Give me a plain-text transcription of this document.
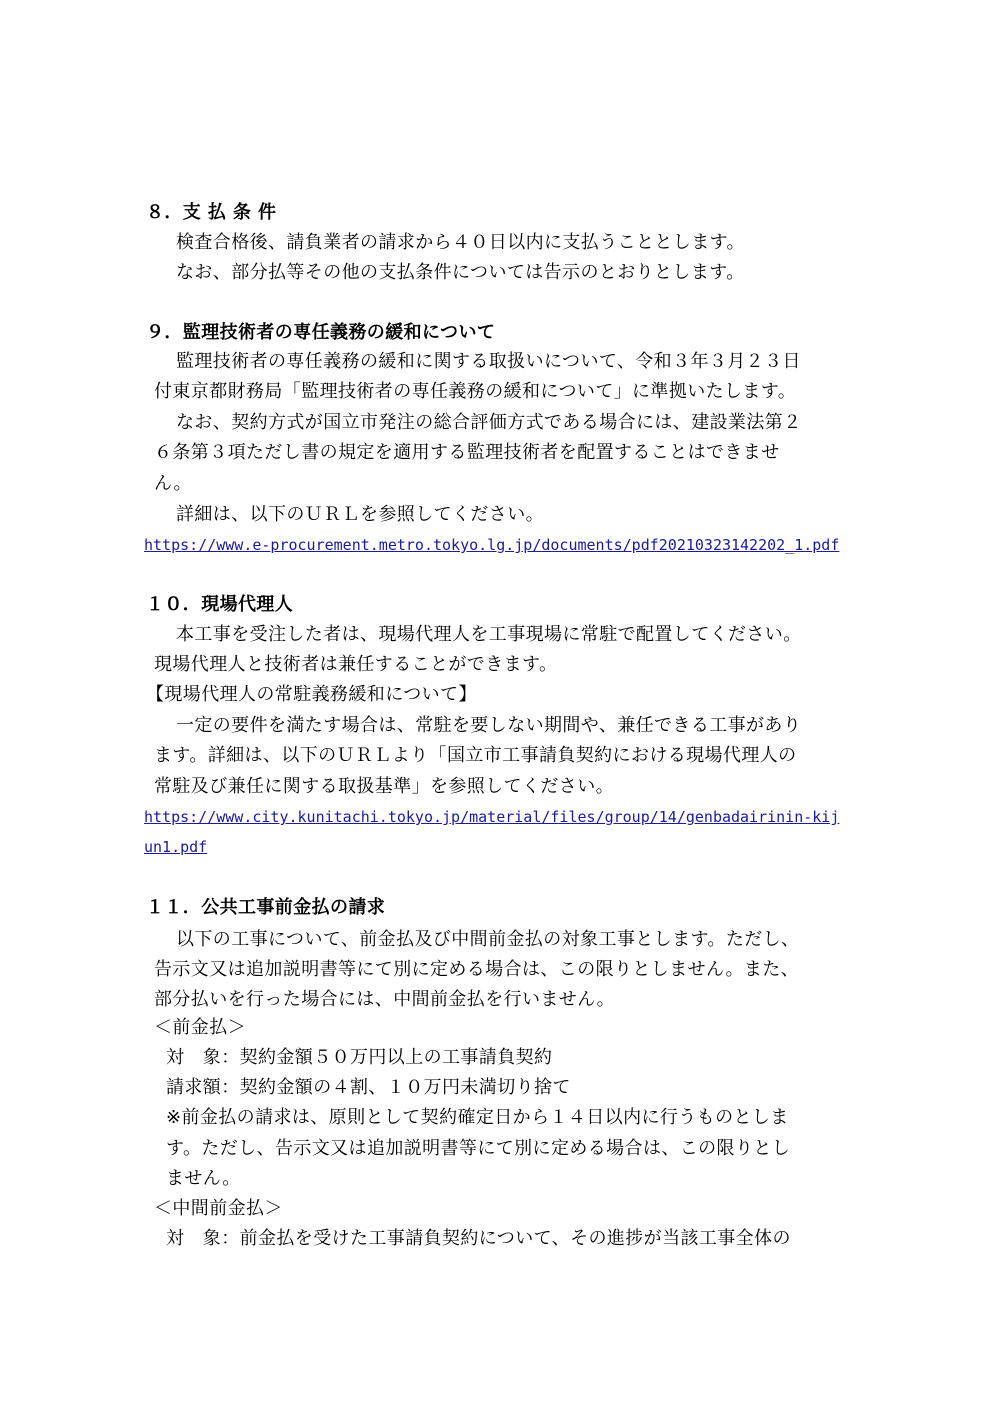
８．支 払 条 件
検査合格後、請負業者の請求から４０日以内に支払うこととします。
なお、部分払等その他の支払条件については告示のとおりとします。
９．監理技術者の専任義務の緩和について
監理技術者の専任義務の緩和に関する取扱いについて、令和３年３月２３日
付東京都財務局「監理技術者の専任義務の緩和について」に準拠いたします。
なお、契約方式が国立市発注の総合評価方式である場合には、建設業法第２
６条第３項ただし書の規定を適用する監理技術者を配置することはできませ
ん。
詳細は、以下のＵＲＬを参照してください。
https://www.e-procurement.metro.tokyo.lg.jp/documents/pdf20210323142202_1.pdf
１０．現場代理人
本工事を受注した者は、現場代理人を工事現場に常駐で配置してください。
現場代理人と技術者は兼任することができます。
【現場代理人の常駐義務緩和について】
一定の要件を満たす場合は、常駐を要しない期間や、兼任できる工事があり
ます。詳細は、以下のＵＲＬより「国立市工事請負契約における現場代理人の
常駐及び兼任に関する取扱基準」を参照してください。
https://www.city.kunitachi.tokyo.jp/material/files/group/14/genbadairinin-kij
un1.pdf
１１．公共工事前金払の請求
以下の工事について、前金払及び中間前金払の対象工事とします。ただし、
告示文又は追加説明書等にて別に定める場合は、この限りとしません。また、
部分払いを行った場合には、中間前金払を行いません。
＜前金払＞
対　象：契約金額５０万円以上の工事請負契約
請求額：契約金額の４割、１０万円未満切り捨て
※前金払の請求は、原則として契約確定日から１４日以内に行うものとしま
す。ただし、告示文又は追加説明書等にて別に定める場合は、この限りとし
ません。
＜中間前金払＞
対　象：前金払を受けた工事請負契約について、その進捗が当該工事全体の
